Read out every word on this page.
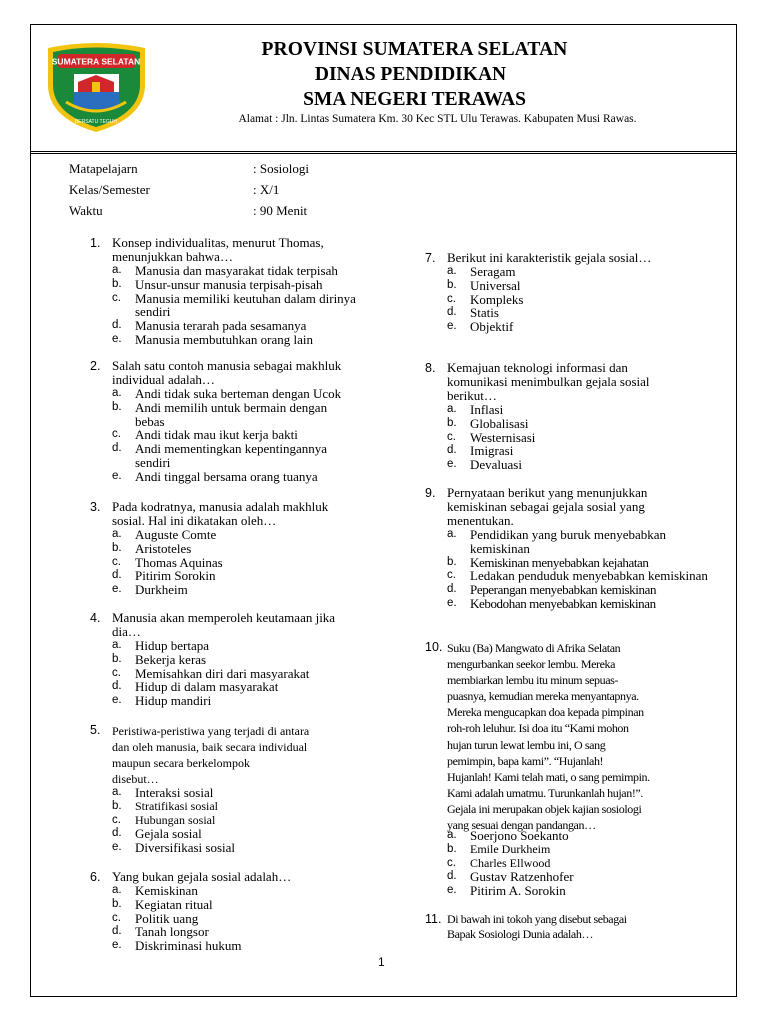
SUMATERA SELATAN
BERSATU TEGUH
PROVINSI SUMATERA SELATAN
DINAS PENDIDIKAN
SMA NEGERI TERAWAS
Alamat : Jln. Lintas Sumatera Km. 30 Kec STL Ulu Terawas. Kabupaten Musi Rawas.
Matapelajarn	: Sosiologi
Kelas/Semester	: X/1
Waktu	: 90 Menit
1. Konsep individualitas, menurut Thomas,
menunjukkan bahwa…
a.	Manusia dan masyarakat tidak terpisah
b.	Unsur-unsur manusia terpisah-pisah
c.	Manusia memiliki keutuhan dalam dirinya sendiri
d.	Manusia terarah pada sesamanya
e.	Manusia membutuhkan orang lain
2. Salah satu contoh manusia sebagai makhluk
individual adalah…
a.	Andi tidak suka berteman dengan Ucok
b.	Andi memilih untuk bermain dengan bebas
c.	Andi tidak mau ikut kerja bakti
d.	Andi mementingkan kepentingannya sendiri
e.	Andi tinggal bersama orang tuanya
3. Pada kodratnya, manusia adalah makhluk
sosial. Hal ini dikatakan oleh…
a.	Auguste Comte
b.	Aristoteles
c.	Thomas Aquinas
d.	Pitirim Sorokin
e.	Durkheim
4. Manusia akan memperoleh keutamaan jika
dia…
a.	Hidup bertapa
b.	Bekerja keras
c.	Memisahkan diri dari masyarakat
d.	Hidup di dalam masyarakat
e.	Hidup mandiri
5. Peristiwa-peristiwa yang terjadi di antara
dan oleh manusia, baik secara individual
maupun secara berkelompok
disebut…
a.	Interaksi sosial
b.	Stratifikasi sosial
c.	Hubungan sosial
d.	Gejala sosial
e.	Diversifikasi sosial
6. Yang bukan gejala sosial adalah…
a.	Kemiskinan
b.	Kegiatan ritual
c.	Politik uang
d.	Tanah longsor
e.	Diskriminasi hukum
7. Berikut ini karakteristik gejala sosial…
a.	Seragam
b.	Universal
c.	Kompleks
d.	Statis
e.	Objektif
8. Kemajuan teknologi informasi dan
komunikasi menimbulkan gejala sosial
berikut…
a.	Inflasi
b.	Globalisasi
c.	Westernisasi
d.	Imigrasi
e.	Devaluasi
9. Pernyataan berikut yang menunjukkan
kemiskinan sebagai gejala sosial yang
menentukan.
a.	Pendidikan yang buruk menyebabkan kemiskinan
b.	Kemiskinan menyebabkan kejahatan
c.	Ledakan penduduk menyebabkan kemiskinan
d.	Peperangan menyebabkan kemiskinan
e.	Kebodohan menyebabkan kemiskinan
10. Suku (Ba) Mangwato di Afrika Selatan
mengurbankan seekor lembu. Mereka
membiarkan lembu itu minum sepuas-
puasnya, kemudian mereka menyantapnya.
Mereka mengucapkan doa kepada pimpinan
roh-roh leluhur. Isi doa itu “Kami mohon
hujan turun lewat lembu ini, O sang
pemimpin, bapa kami”. “Hujanlah!
Hujanlah! Kami telah mati, o sang pemimpin.
Kami adalah umatmu. Turunkanlah hujan!”.
Gejala ini merupakan objek kajian sosiologi
yang sesuai dengan pandangan…
a.	Soerjono Soekanto
b.	Emile Durkheim
c.	Charles Ellwood
d.	Gustav Ratzenhofer
e.	Pitirim A. Sorokin
11. Di bawah ini tokoh yang disebut sebagai
Bapak Sosiologi Dunia adalah…
1
